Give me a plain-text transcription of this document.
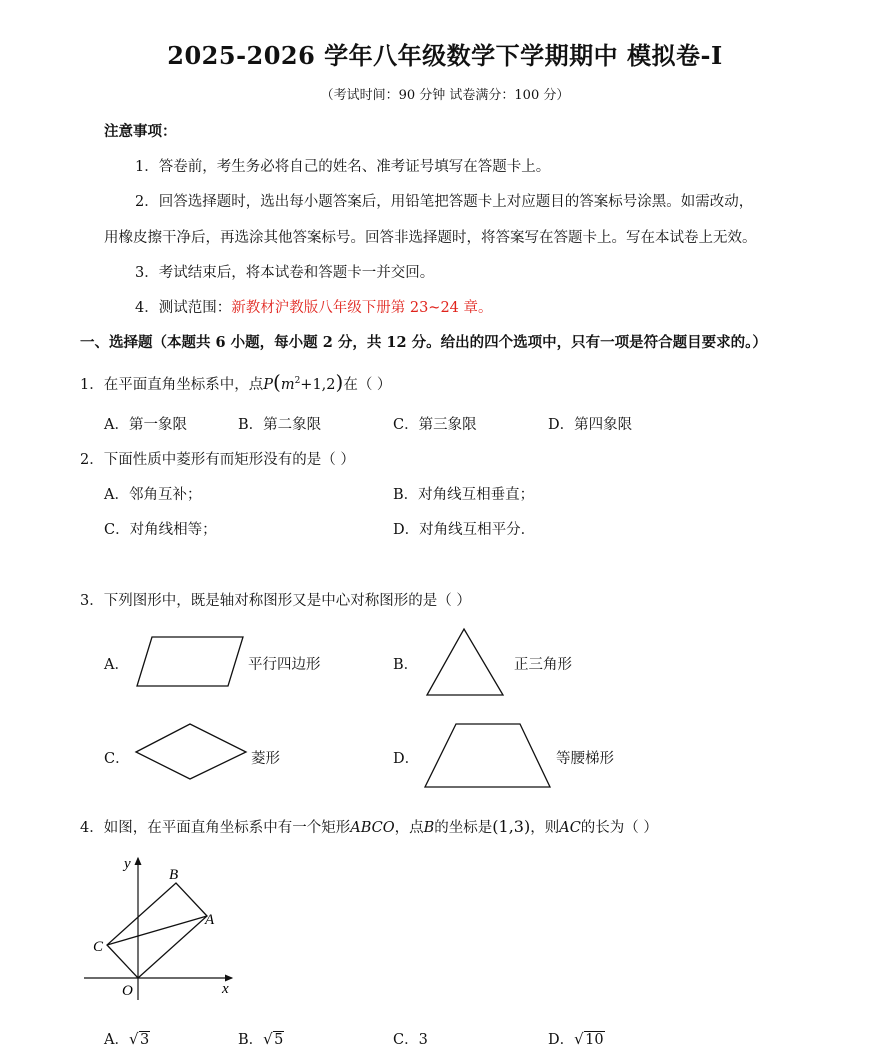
2025-2026 学年八年级数学下学期期中 模拟卷-Ⅰ
（考试时间：90 分钟 试卷满分：100 分）
注意事项：
1．答卷前，考生务必将自己的姓名、准考证号填写在答题卡上。
2．回答选择题时，选出每小题答案后，用铅笔把答题卡上对应题目的答案标号涂黑。如需改动，
用橡皮擦干净后，再选涂其他答案标号。回答非选择题时，将答案写在答题卡上。写在本试卷上无效。
3．考试结束后，将本试卷和答题卡一并交回。
4．测试范围：新教材沪教版八年级下册第 23~24 章。
一、选择题（本题共 6 小题，每小题 2 分，共 12 分。给出的四个选项中，只有一项是符合题目要求的。）
1．在平面直角坐标系中，点$P(m^2+1,2)$在（ ）
A．第一象限	B．第二象限	C．第三象限	D．第四象限
2．下面性质中菱形有而矩形没有的是（ ）
A．邻角互补；	B．对角线互相垂直；
C．对角线相等；	D．对角线互相平分．
3．下列图形中，既是轴对称图形又是中心对称图形的是（ ）
A．	平行四边形	B．	正三角形
C．	菱形	D．	等腰梯形
4．如图，在平面直角坐标系中有一个矩形ABCO，点B的坐标是(1,3)，则AC的长为（ ）
y
x
B
A
C
O
A． √ 3	B． √ 5	C．3	D． √ 10
